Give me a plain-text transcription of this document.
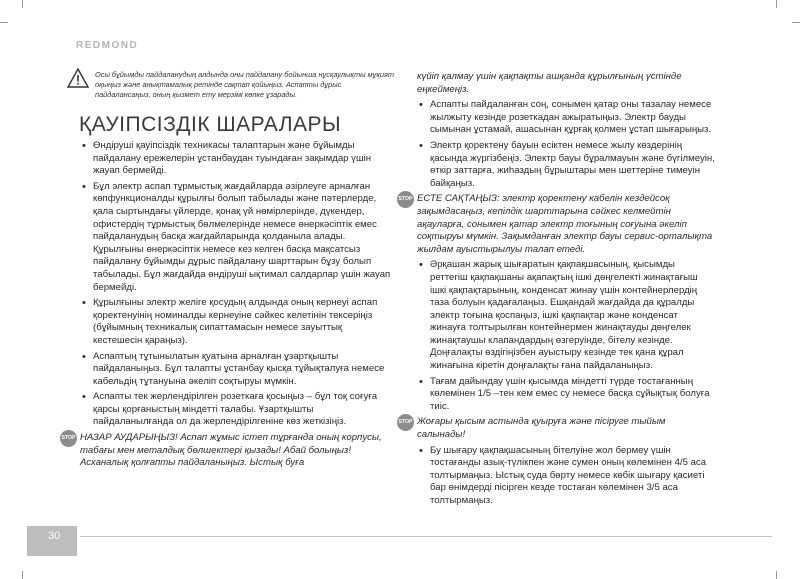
REDMOND
Осы бұйымды пайдаланудың алдында оны пайдалану бойынша нұсқаулықты мұқият оқыңыз және анықтамалық ретінде сақтап қойыңыз. Аспапты дұрыс пайдалансаңыз, оның қызмет ету мерзімі көпке ұзарады.
ҚАУІПСІЗДІК ШАРАЛАРЫ

• Өндіруші қауіпсіздік техникасы талаптарын және бұйымды пайдалану ережелерін ұстанбаудан туындаған зақымдар үшін жауап бермейді.

• Бұл электр аспап тұрмыстық жағдайларда әзірлеуге арналған көпфункционалды құрылғы болып табылады және пәтерлерде, қала сыртындағы үйлерде, қонақ үй нөмірлерінде, дүкендер, офистердің тұрмыстық бөлмелерінде немесе өнеркәсіптік емес пайдаланудың басқа жағдайларында қолданыла алады. Құрылғыны өнеркәсіптік немесе кез келген басқа мақсатсыз пайдалану бұйымды дұрыс пайдалану шарттарын бұзу болып табылады. Бұл жағдайда өндіруші ықтимал салдарлар үшін жауап бермейді.

• Құрылғыны электр желіге қосудың алдында оның кернеуі аспап қоректенуінің номиналды кернеуіне сәйкес келетінін тексеріңіз (бұйымның техникалық сипаттамасын немесе зауыттық кестешесін қараңыз).

• Аспаптың тұтынылатын қуатына арналған ұзартқышты пайдаланыңыз. Бұл талапты ұстанбау қысқа тұйықталуға немесе кабельдің тұтануына әкеліп соқтыруы мүмкін.

• Аспапты тек жерлендірілген розеткаға қосыңыз – бұл тоқ соғуға қарсы қорғаныстың міндетті талабы. Ұзартқышты пайдаланылғанда ол да жерлендірілгеніне көз жеткізіңіз.

НАЗАР АУДАРЫҢЫЗ! Аспап жұмыс істеп тұрғанда оның корпусы, табағы мен металдық бөлшектері қызады! Абай болыңыз! Асханалық қолғапты пайдаланыңыз. Ыстық буға

күйіп қалмау үшін қақпақты ашқанда құрылғының үстінде еңкеймеңіз.

• Аспапты пайдаланған соң, сонымен қатар оны тазалау немесе жылжыту кезінде розеткадан ажыратыңыз. Электр бауды сымынан ұстамай, ашасынан құрғақ қолмен ұстап шығарыңыз.

• Электр қоректену бауын есіктен немесе жылу көздерінің қасында жүргізбеңіз. Электр бауы бұралмауын және бүгілмеуін, өткір заттарға, жиһаздың бұрыштары мен шеттеріне тимеуін байқаңыз.

ЕСТЕ САҚТАҢЫЗ: электр қоректену кабелін кездейсоқ зақымдасаңыз, кепілдік шарттарына сәйкес келмейтін ақауларға, сонымен қатар электр тоғының соғуына әкеліп соқтыруы мүмкін. Зақымданған электр бауы сервис-орталықта жылдам ауыстырылуы талап етеді.

• Әрқашан жарық шығаратын қақпақшасының, қысымды реттегіш қақпақшаны ақапақтың ішкі дөңгелекті жинақтағыш ішкі қақпақтарының, конденсат жинау үшін контейнерлердің таза болуын қадағалаңыз. Ешқандай жағдайда да құралды электр тоғына қоспаңыз, ішкі қақпақтар және конденсат жинауға толтырылған контейнермен жинақтауды дөңгелек жинақтаушы клапандардың өзгеруінде, бітелу кезінде. Доңғалақты өздігіңізбен ауыстыру кезінде тек қана құрал жинағына кіретін доңғалақты ғана пайдаланыңыз.

• Тағам дайындау үшін қысымда міндетті түрде тостағанның көлемінен 1/5 –тен кем емес су немесе басқа сұйықтық болуға тиіс.

Жоғары қысым астында қуыруға және пісіруге тыйым салынады!

• Бу шығару қақпақшасының бітелуіне жол бермеу үшін тостағанды азық-түлікпен және сумен оның көлемінен 4/5 аса толтырмаңыз. Ыстық суда бөрту немесе көбік шығару қасиеті бар өнімдерді пісірген кезде тостаған көлемінен 3/5 аса толтырмаңыз.

30
STOP
STOP
STOP
